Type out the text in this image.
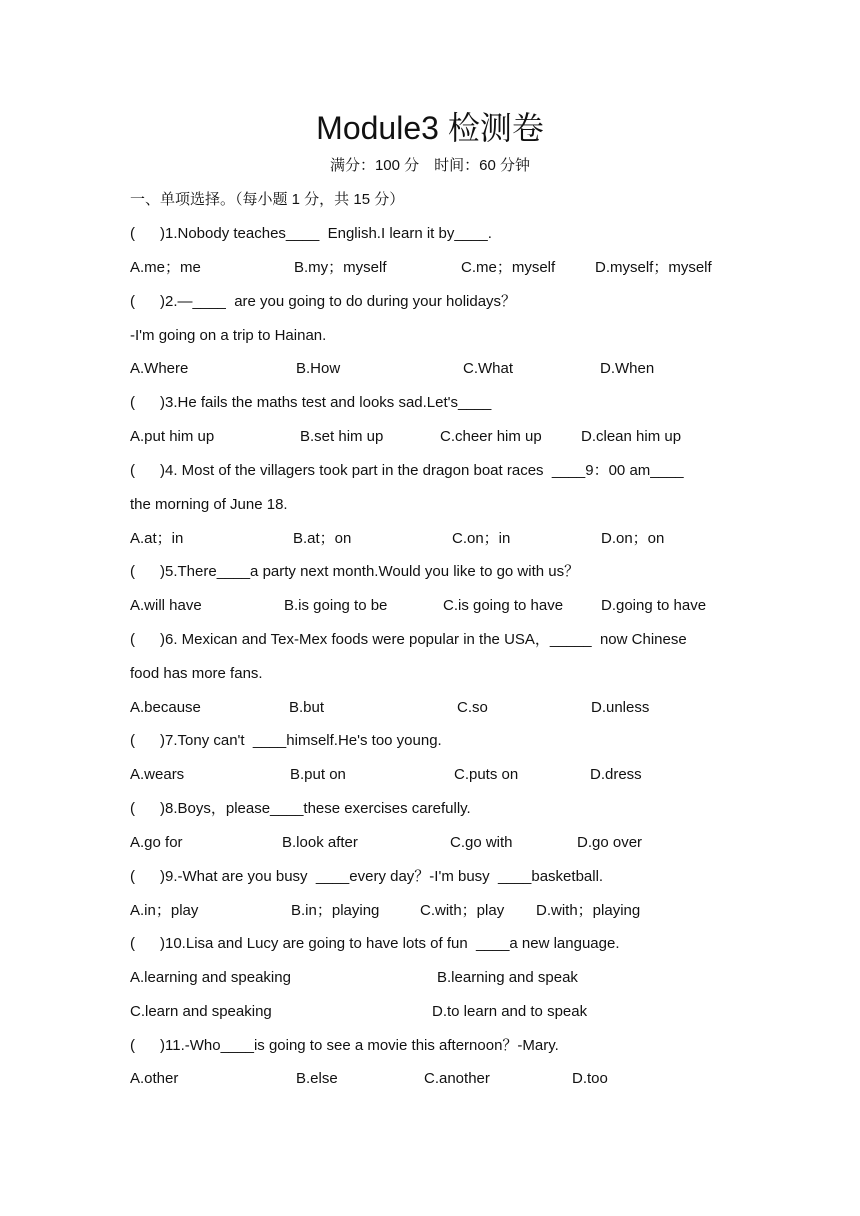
Module3 检测卷
满分：100 分　时间：60 分钟
一、单项选择。（每小题 1 分，共 15 分）
(      )1.Nobody teaches____  English.I learn it by____.
A.me；me	B.my；myself	C.me；myself	D.myself；myself
(      )2.—____  are you going to do during your holidays？
-I'm going on a trip to Hainan.
A.Where	B.How	C.What	D.When
(      )3.He fails the maths test and looks sad.Let's____
A.put him up	B.set him up	C.cheer him up	D.clean him up
(      )4. Most of the villagers took part in the dragon boat races  ____9：00 am____
the morning of June 18.
A.at；in	B.at；on	C.on；in	D.on；on
(      )5.There____a party next month.Would you like to go with us？
A.will have	B.is going to be	C.is going to have	D.going to have
(      )6. Mexican and Tex-Mex foods were popular in the USA，_____  now Chinese
food has more fans.
A.because	B.but	C.so	D.unless
(      )7.Tony can't  ____himself.He's too young.
A.wears	B.put on	C.puts on	D.dress
(      )8.Boys，please____these exercises carefully.
A.go for	B.look after	C.go with	D.go over
(      )9.-What are you busy  ____every day？-I'm busy  ____basketball.
A.in；play	B.in；playing	C.with；play D.with；playing
(      )10.Lisa and Lucy are going to have lots of fun  ____a new language.
A.learning and speaking	B.learning and speak
C.learn and speaking	D.to learn and to speak
(      )11.-Who____is going to see a movie this afternoon？-Mary.
A.other	B.else	C.another	D.too
